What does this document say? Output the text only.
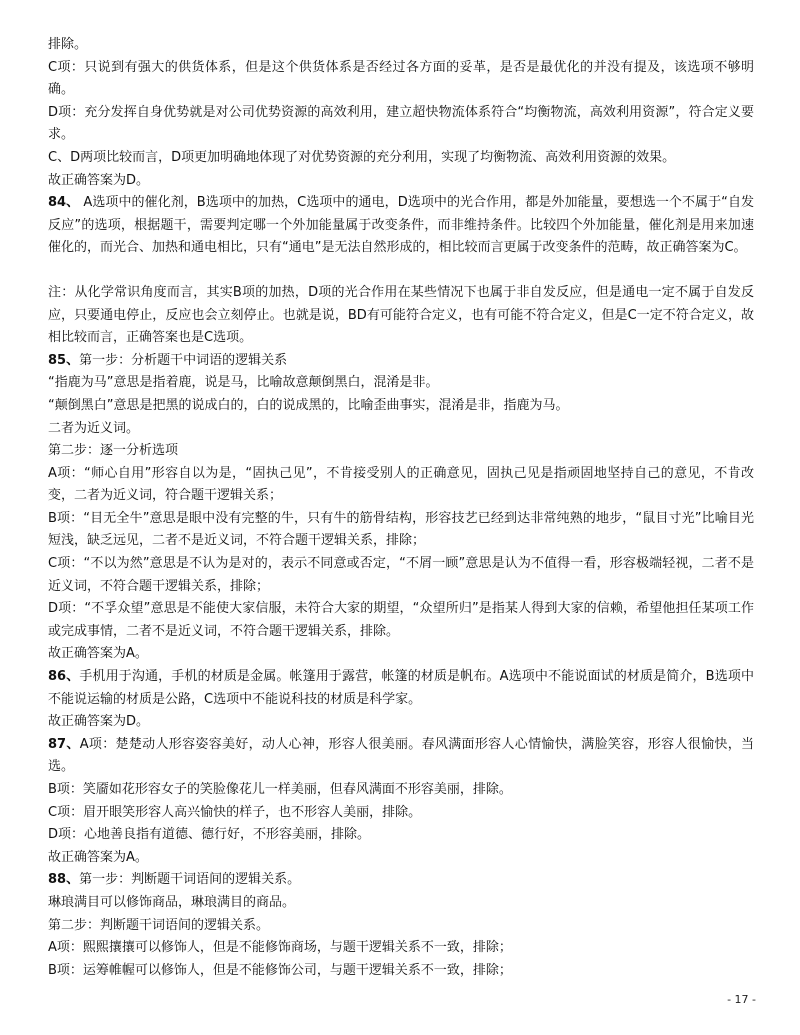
排除。

C项：只说到有强大的供货体系，但是这个供货体系是否经过各方面的妥革，是否是最优化的并没有提及，该选项不够明确。

D项：充分发挥自身优势就是对公司优势资源的高效利用，建立超快物流体系符合“均衡物流，高效利用资源”，符合定义要求。

C、D两项比较而言，D项更加明确地体现了对优势资源的充分利用，实现了均衡物流、高效利用资源的效果。

故正确答案为D。

84、 A选项中的催化剂，B选项中的加热，C选项中的通电，D选项中的光合作用，都是外加能量，要想选一个不属于“自发反应”的选项，根据题干，需要判定哪一个外加能量属于改变条件，而非维持条件。比较四个外加能量，催化剂是用来加速催化的，而光合、加热和通电相比，只有“通电”是无法自然形成的，相比较而言更属于改变条件的范畴，故正确答案为C。

注：从化学常识角度而言，其实B项的加热，D项的光合作用在某些情况下也属于非自发反应，但是通电一定不属于自发反应，只要通电停止，反应也会立刻停止。也就是说，BD有可能符合定义，也有可能不符合定义，但是C一定不符合定义，故相比较而言，正确答案也是C选项。

85、第一步：分析题干中词语的逻辑关系

“指鹿为马”意思是指着鹿，说是马，比喻故意颠倒黑白，混淆是非。

“颠倒黑白”意思是把黑的说成白的，白的说成黑的，比喻歪曲事实，混淆是非，指鹿为马。

二者为近义词。

第二步：逐一分析选项

A项：“师心自用”形容自以为是，“固执己见”，不肯接受别人的正确意见，固执己见是指顽固地坚持自己的意见，不肯改变，二者为近义词，符合题干逻辑关系；

B项：“目无全牛”意思是眼中没有完整的牛，只有牛的筋骨结构，形容技艺已经到达非常纯熟的地步，“鼠目寸光”比喻目光短浅，缺乏远见，二者不是近义词，不符合题干逻辑关系，排除；

C项：“不以为然”意思是不认为是对的，表示不同意或否定，“不屑一顾”意思是认为不值得一看，形容极端轻视，二者不是近义词，不符合题干逻辑关系，排除；

D项：“不孚众望”意思是不能使大家信服，未符合大家的期望，“众望所归”是指某人得到大家的信赖，希望他担任某项工作或完成事情，二者不是近义词，不符合题干逻辑关系，排除。

故正确答案为A。

86、手机用于沟通，手机的材质是金属。帐篷用于露营，帐篷的材质是帆布。A选项中不能说面试的材质是简介，B选项中不能说运输的材质是公路，C选项中不能说科技的材质是科学家。

故正确答案为D。

87、A项：楚楚动人形容姿容美好，动人心神，形容人很美丽。春风满面形容人心情愉快，满脸笑容，形容人很愉快，当选。

B项：笑靥如花形容女子的笑脸像花儿一样美丽，但春风满面不形容美丽，排除。

C项：眉开眼笑形容人高兴愉快的样子，也不形容人美丽，排除。

D项：心地善良指有道德、德行好，不形容美丽，排除。

故正确答案为A。

88、第一步：判断题干词语间的逻辑关系。

琳琅满目可以修饰商品，琳琅满目的商品。

第二步：判断题干词语间的逻辑关系。

A项：熙熙攘攘可以修饰人，但是不能修饰商场，与题干逻辑关系不一致，排除；

B项：运筹帷幄可以修饰人，但是不能修饰公司，与题干逻辑关系不一致，排除；

- 17 -
